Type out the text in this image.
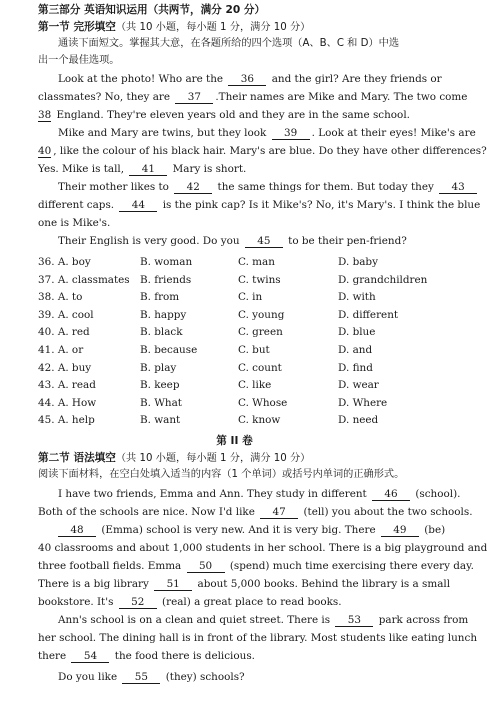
第三部分 英语知识运用（共两节，满分 20 分）
第一节 完形填空（共 10 小题，每小题 1 分，满分 10 分）
通读下面短文。掌握其大意，在各题所给的四个选项（A、B、C 和 D）中选
出一个最佳选项。
Look at the photo! Who are the 36 and the girl? Are they friends or
classmates? No, they are 37 .Their names are Mike and Mary. The two come
38 England. They're eleven years old and they are in the same school.
Mike and Mary are twins, but they look 39 . Look at their eyes! Mike's are
40 , like the colour of his black hair. Mary's are blue. Do they have other differences?
Yes. Mike is tall, 41 Mary is short.
Their mother likes to 42 the same things for them. But today they 43
different caps. 44 is the pink cap? Is it Mike's? No, it's Mary's. I think the blue
one is Mike's.
Their English is very good. Do you 45 to be their pen-friend?
36. A. boy	B. woman	C. man	D. baby
37. A. classmates B. friends	C. twins	D. grandchildren
38. A. to	B. from	C. in	D. with
39. A. cool	B. happy	C. young	D. different
40. A. red	B. black	C. green	D. blue
41. A. or	B. because	C. but	D. and
42. A. buy	B. play	C. count	D. find
43. A. read	B. keep	C. like	D. wear
44. A. How	B. What	C. Whose	D. Where
45. A. help	B. want	C. know	D. need
第 II 卷
第二节 语法填空（共 10 小题，每小题 1 分，满分 10 分）
阅读下面材料，在空白处填入适当的内容（1 个单词）或括号内单词的正确形式。
I have two friends, Emma and Ann. They study in different 46 (school).
Both of the schools are nice. Now I'd like 47 (tell) you about the two schools.
48 (Emma) school is very new. And it is very big. There 49 (be)
40 classrooms and about 1,000 students in her school. There is a big playground and
three football fields. Emma 50 (spend) much time exercising there every day.
There is a big library 51 about 5,000 books. Behind the library is a small
bookstore. It's 52 (real) a great place to read books.
Ann's school is on a clean and quiet street. There is 53 park across from
her school. The dining hall is in front of the library. Most students like eating lunch
there 54 the food there is delicious.
Do you like 55 (they) schools?
